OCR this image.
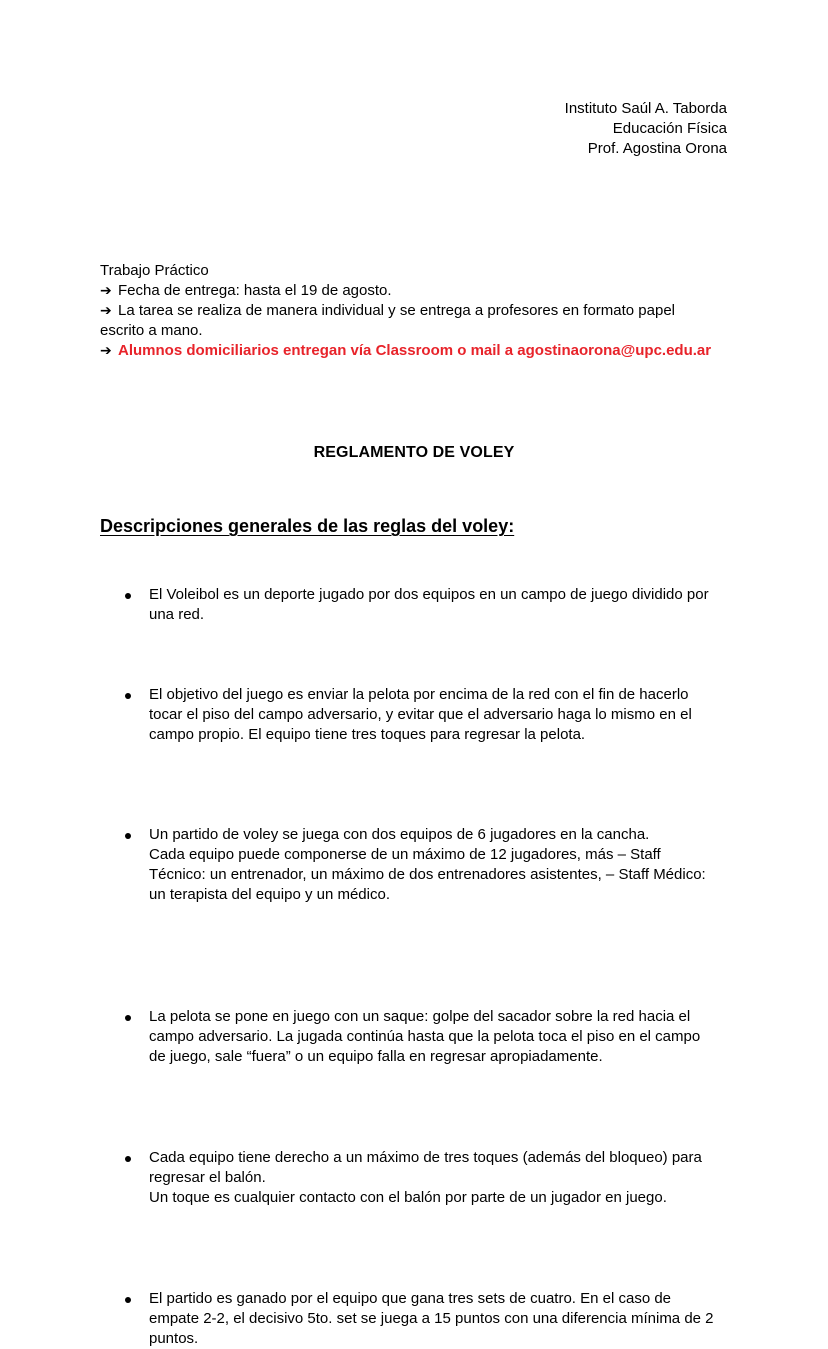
Instituto Saúl A. Taborda
Educación Física
Prof. Agostina Orona
Trabajo Práctico
➔ Fecha de entrega: hasta el 19 de agosto.
➔ La tarea se realiza de manera individual y se entrega a profesores en formato papel
escrito a mano.
➔ Alumnos domiciliarios entregan vía Classroom o mail a agostinaorona@upc.edu.ar
REGLAMENTO DE VOLEY
Descripciones generales de las reglas del voley:
El Voleibol es un deporte jugado por dos equipos en un campo de juego dividido por
una red.
El objetivo del juego es enviar la pelota por encima de la red con el fin de hacerlo
tocar el piso del campo adversario, y evitar que el adversario haga lo mismo en el
campo propio. El equipo tiene tres toques para regresar la pelota.
Un partido de voley se juega con dos equipos de 6 jugadores en la cancha.
Cada equipo puede componerse de un máximo de 12 jugadores, más – Staff
Técnico: un entrenador, un máximo de dos entrenadores asistentes, – Staff Médico:
un terapista del equipo y un médico.
La pelota se pone en juego con un saque: golpe del sacador sobre la red hacia el
campo adversario. La jugada continúa hasta que la pelota toca el piso en el campo
de juego, sale “fuera” o un equipo falla en regresar apropiadamente.
Cada equipo tiene derecho a un máximo de tres toques (además del bloqueo) para
regresar el balón.
Un toque es cualquier contacto con el balón por parte de un jugador en juego.
El partido es ganado por el equipo que gana tres sets de cuatro. En el caso de
empate 2-2, el decisivo 5to. set se juega a 15 puntos con una diferencia mínima de 2
puntos.
